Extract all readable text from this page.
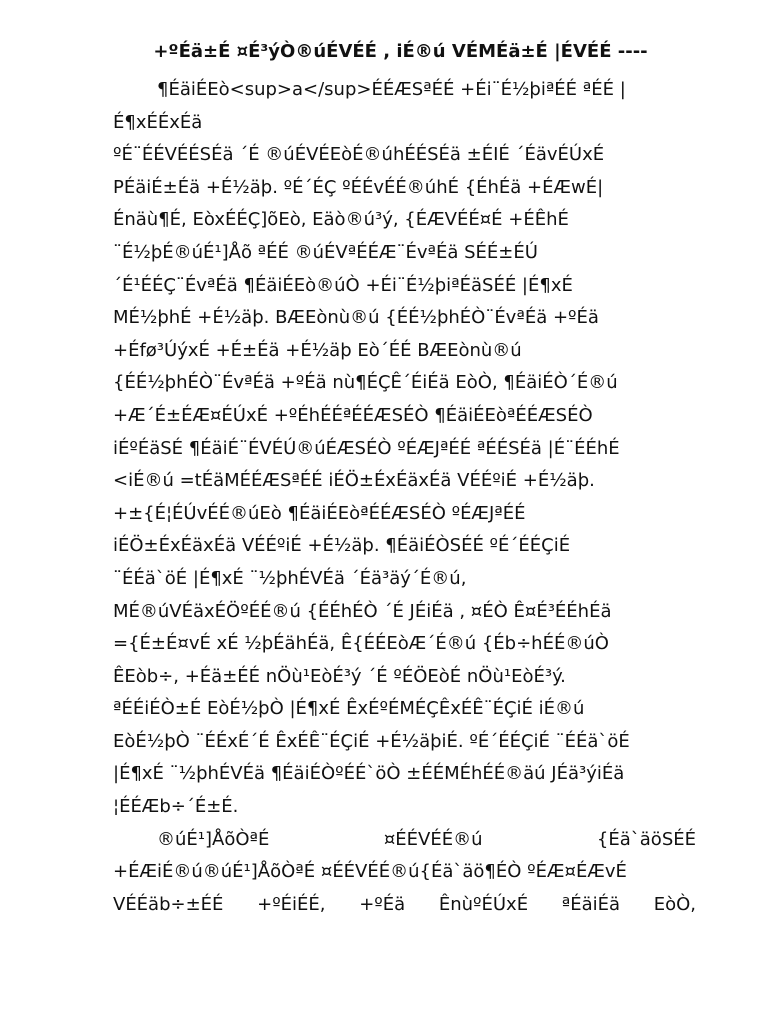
+ºÉä±É ¤É³ýÒ®úÉVÉÉ , iÉ®ú VÉMÉä±É |ÉVÉÉ ----

¶ÉäiÉEò<sup>a</sup>ÉÉÆSªÉÉ +Éi¨É½þiªÉÉ ªÉÉ |É¶xÉÉxÉä
ºÉ¨ÉÉVÉÉSÉä ´É ®úÉVÉEòÉ®úhÉÉSÉä ±ÉIÉ ´ÉävÉÚxÉ
PÉäiÉ±Éä +É½äþ. ºÉ´ÉÇ ºÉÉvÉÉ®úhÉ {ÉhÉä +ÉÆwÉ|
Énäù¶É, EòxÉÉÇ]õEò, Eäò®ú³ý, {ÉÆVÉÉ¤É +ÉÊhÉ
¨É½þÉ®úÉ¹]Åõ ªÉÉ ®úÉVªÉÉÆ¨ÉvªÉä SÉÉ±ÉÚ
´É¹ÉÉÇ¨ÉvªÉä ¶ÉäiÉEò®úÒ +Éi¨É½þiªÉäSÉÉ |É¶xÉ
MÉ½þhÉ +É½äþ. BÆEònù®ú {ÉÉ½þhÉÒ¨ÉvªÉä +ºÉä
+Éfø³ÚýxÉ +É±Éä +É½äþ Eò´ÉÉ BÆEònù®ú
{ÉÉ½þhÉÒ¨ÉvªÉä +ºÉä nù¶ÉÇÊ´ÉiÉä EòÒ, ¶ÉäiÉÒ´É®ú
+Æ´É±ÉÆ¤ÉÚxÉ +ºÉhÉÉªÉÉÆSÉÒ ¶ÉäiÉEòªÉÉÆSÉÒ
iÉºÉäSÉ ¶ÉäiÉ¨ÉVÉÚ®úÉÆSÉÒ ºÉÆJªÉÉ ªÉÉSÉä |É¨ÉÉhÉ
<iÉ®ú =tÉäMÉÉÆSªÉÉ iÉÖ±ÉxÉäxÉä VÉÉºiÉ +É½äþ.
+±{É¦ÉÚvÉÉ®úEò ¶ÉäiÉEòªÉÉÆSÉÒ ºÉÆJªÉÉ
iÉÖ±ÉxÉäxÉä VÉÉºiÉ +É½äþ. ¶ÉäiÉÒSÉÉ ºÉ´ÉÉÇiÉ
¨ÉÉä`öÉ |É¶xÉ ¨½þhÉVÉä ´Éä³äý´É®ú,
MÉ®úVÉäxÉÖºÉÉ®ú {ÉÉhÉÒ ´É JÉiÉä , ¤ÉÒ Ê¤É³ÉÉhÉä
={É±É¤vÉ xÉ ½þÉähÉä, Ê{ÉÉEòÆ´É®ú {Éb÷hÉÉ®úÒ
ÊEòb÷, +Éä±ÉÉ nÖù¹EòÉ³ý ´É ºÉÖEòÉ nÖù¹EòÉ³ý.
ªÉÉiÉÒ±É EòÉ½þÒ |É¶xÉ ÊxÉºÉMÉÇÊxÉÊ¨ÉÇiÉ iÉ®ú
EòÉ½þÒ ¨ÉÉxÉ´É ÊxÉÊ¨ÉÇiÉ +É½äþiÉ. ºÉ´ÉÉÇiÉ ¨ÉÉä`öÉ
|É¶xÉ ¨½þhÉVÉä ¶ÉäiÉÒºÉÉ`öÒ ±ÉÉMÉhÉÉ®äú JÉä³ýiÉä
¦ÉÉÆb÷´É±É.

®úÉ¹]ÅõÒªÉ	¤ÉÉVÉÉ®ú	{Éä`äöSÉÉ
+ÉÆiÉ®ú®úÉ¹]ÅõÒªÉ ¤ÉÉVÉÉ®ú{Éä`äö¶ÉÒ ºÉÆ¤ÉÆvÉ
VÉÉäb÷±ÉÉ +ºÉiÉÉ, +ºÉä ÊnùºÉÚxÉ ªÉäiÉä EòÒ,
